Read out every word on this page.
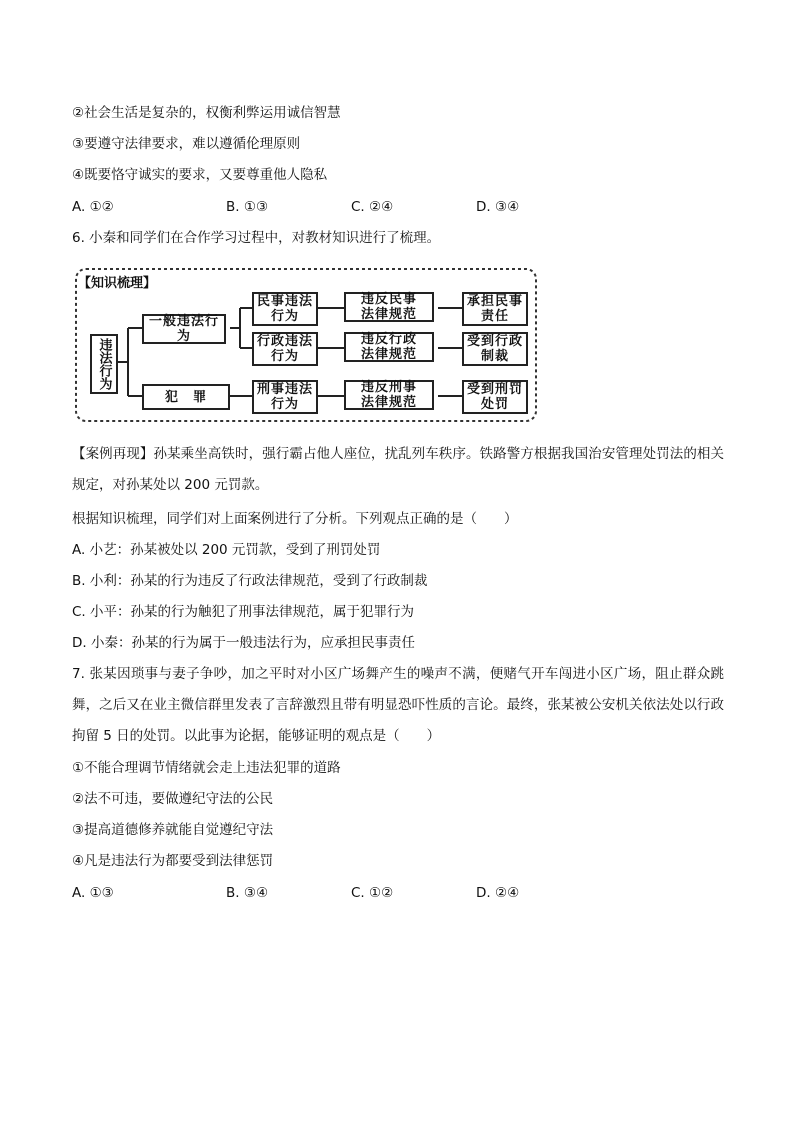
②社会生活是复杂的，权衡利弊运用诚信智慧
③要遵守法律要求，难以遵循伦理原则
④既要恪守诚实的要求，又要尊重他人隐私
A. ①②	B. ①③	C. ②④	D. ③④
6. 小秦和同学们在合作学习过程中，对教材知识进行了梳理。
【知识梳理】
违法行为
一般违法行为
犯　罪
民事违法行为
行政违法行为
刑事违法行为
违反民事法律规范
违反行政法律规范
违反刑事法律规范
承担民事责任
受到行政制裁
受到刑罚处罚
【案例再现】孙某乘坐高铁时，强行霸占他人座位，扰乱列车秩序。铁路警方根据我国治安管理处罚法的相关规定，对孙某处以 200 元罚款。
根据知识梳理，同学们对上面案例进行了分析。下列观点正确的是（　　）
A. 小艺：孙某被处以 200 元罚款，受到了刑罚处罚
B. 小利：孙某的行为违反了行政法律规范，受到了行政制裁
C. 小平：孙某的行为触犯了刑事法律规范，属于犯罪行为
D. 小秦：孙某的行为属于一般违法行为，应承担民事责任
7. 张某因琐事与妻子争吵，加之平时对小区广场舞产生的噪声不满，便赌气开车闯进小区广场，阻止群众跳舞，之后又在业主微信群里发表了言辞激烈且带有明显恐吓性质的言论。最终，张某被公安机关依法处以行政拘留 5 日的处罚。以此事为论据，能够证明的观点是（　　）
①不能合理调节情绪就会走上违法犯罪的道路
②法不可违，要做遵纪守法的公民
③提高道德修养就能自觉遵纪守法
④凡是违法行为都要受到法律惩罚
A. ①③	B. ③④	C. ①②	D. ②④
